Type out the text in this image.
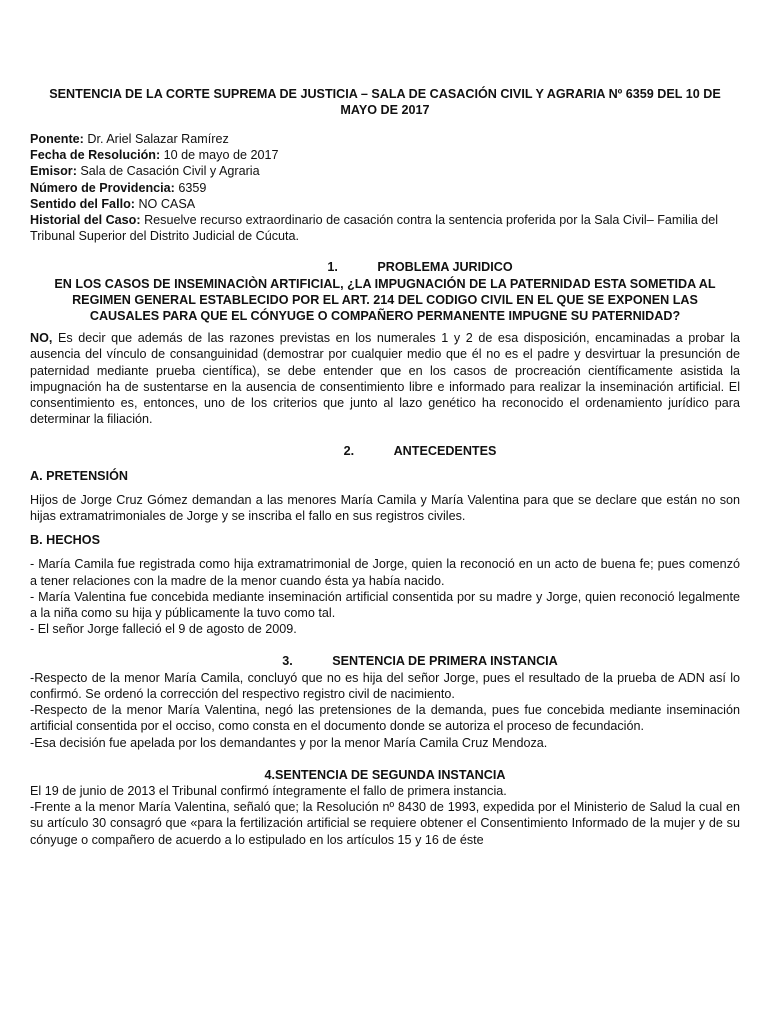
SENTENCIA DE LA CORTE SUPREMA DE JUSTICIA – SALA DE CASACIÓN CIVIL Y AGRARIA Nº 6359 DEL 10 DE MAYO DE 2017

Ponente: Dr. Ariel Salazar Ramírez

Fecha de Resolución: 10 de mayo de 2017

Emisor: Sala de Casación Civil y Agraria

Número de Providencia: 6359

Sentido del Fallo: NO CASA

Historial del Caso: Resuelve recurso extraordinario de casación contra la sentencia proferida por la Sala Civil– Familia del Tribunal Superior del Distrito Judicial de Cúcuta.

1.	PROBLEMA JURIDICO
EN LOS CASOS DE INSEMINACIÒN ARTIFICIAL, ¿LA IMPUGNACIÓN DE LA PATERNIDAD ESTA SOMETIDA AL REGIMEN GENERAL ESTABLECIDO POR EL ART. 214 DEL CODIGO CIVIL EN EL QUE SE EXPONEN LAS CAUSALES PARA QUE EL CÓNYUGE O COMPAÑERO PERMANENTE IMPUGNE SU PATERNIDAD?

NO, Es decir que además de las razones previstas en los numerales 1 y 2 de esa disposición, encaminadas a probar la ausencia del vínculo de consanguinidad (demostrar por cualquier medio que él no es el padre y desvirtuar la presunción de paternidad mediante prueba científica), se debe entender que en los casos de procreación científicamente asistida la impugnación ha de sustentarse en la ausencia de consentimiento libre e informado para realizar la inseminación artificial. El consentimiento es, entonces, uno de los criterios que junto al lazo genético ha reconocido el ordenamiento jurídico para determinar la filiación.

2.	ANTECEDENTES
A. PRETENSIÓN

Hijos de Jorge Cruz Gómez demandan a las menores María Camila y María Valentina para que se declare que están no son hijas extramatrimoniales de Jorge y se inscriba el fallo en sus registros civiles.

B. HECHOS

- María Camila fue registrada como hija extramatrimonial de Jorge, quien la reconoció en un acto de buena fe; pues comenzó a tener relaciones con la madre de la menor cuando ésta ya había nacido.

- María Valentina fue concebida mediante inseminación artificial consentida por su madre y Jorge, quien reconoció legalmente a la niña como su hija y públicamente la tuvo como tal.

- El señor Jorge falleció el 9 de agosto de 2009.

3.	SENTENCIA DE PRIMERA INSTANCIA

-Respecto de la menor María Camila, concluyó que no es hija del señor Jorge, pues el resultado de la prueba de ADN así lo confirmó. Se ordenó la corrección del respectivo registro civil de nacimiento.

-Respecto de la menor María Valentina, negó las pretensiones de la demanda, pues fue concebida mediante inseminación artificial consentida por el occiso, como consta en el documento donde se autoriza el proceso de fecundación.

-Esa decisión fue apelada por los demandantes y por la menor María Camila Cruz Mendoza.

4.SENTENCIA DE SEGUNDA INSTANCIA

El 19 de junio de 2013 el Tribunal confirmó íntegramente el fallo de primera instancia.

-Frente a la menor María Valentina, señaló que; la Resolución nº 8430 de 1993, expedida por el Ministerio de Salud la cual en su artículo 30 consagró que «para la fertilización artificial se requiere obtener el Consentimiento Informado de la mujer y de su cónyuge o compañero de acuerdo a lo estipulado en los artículos 15 y 16 de éste
